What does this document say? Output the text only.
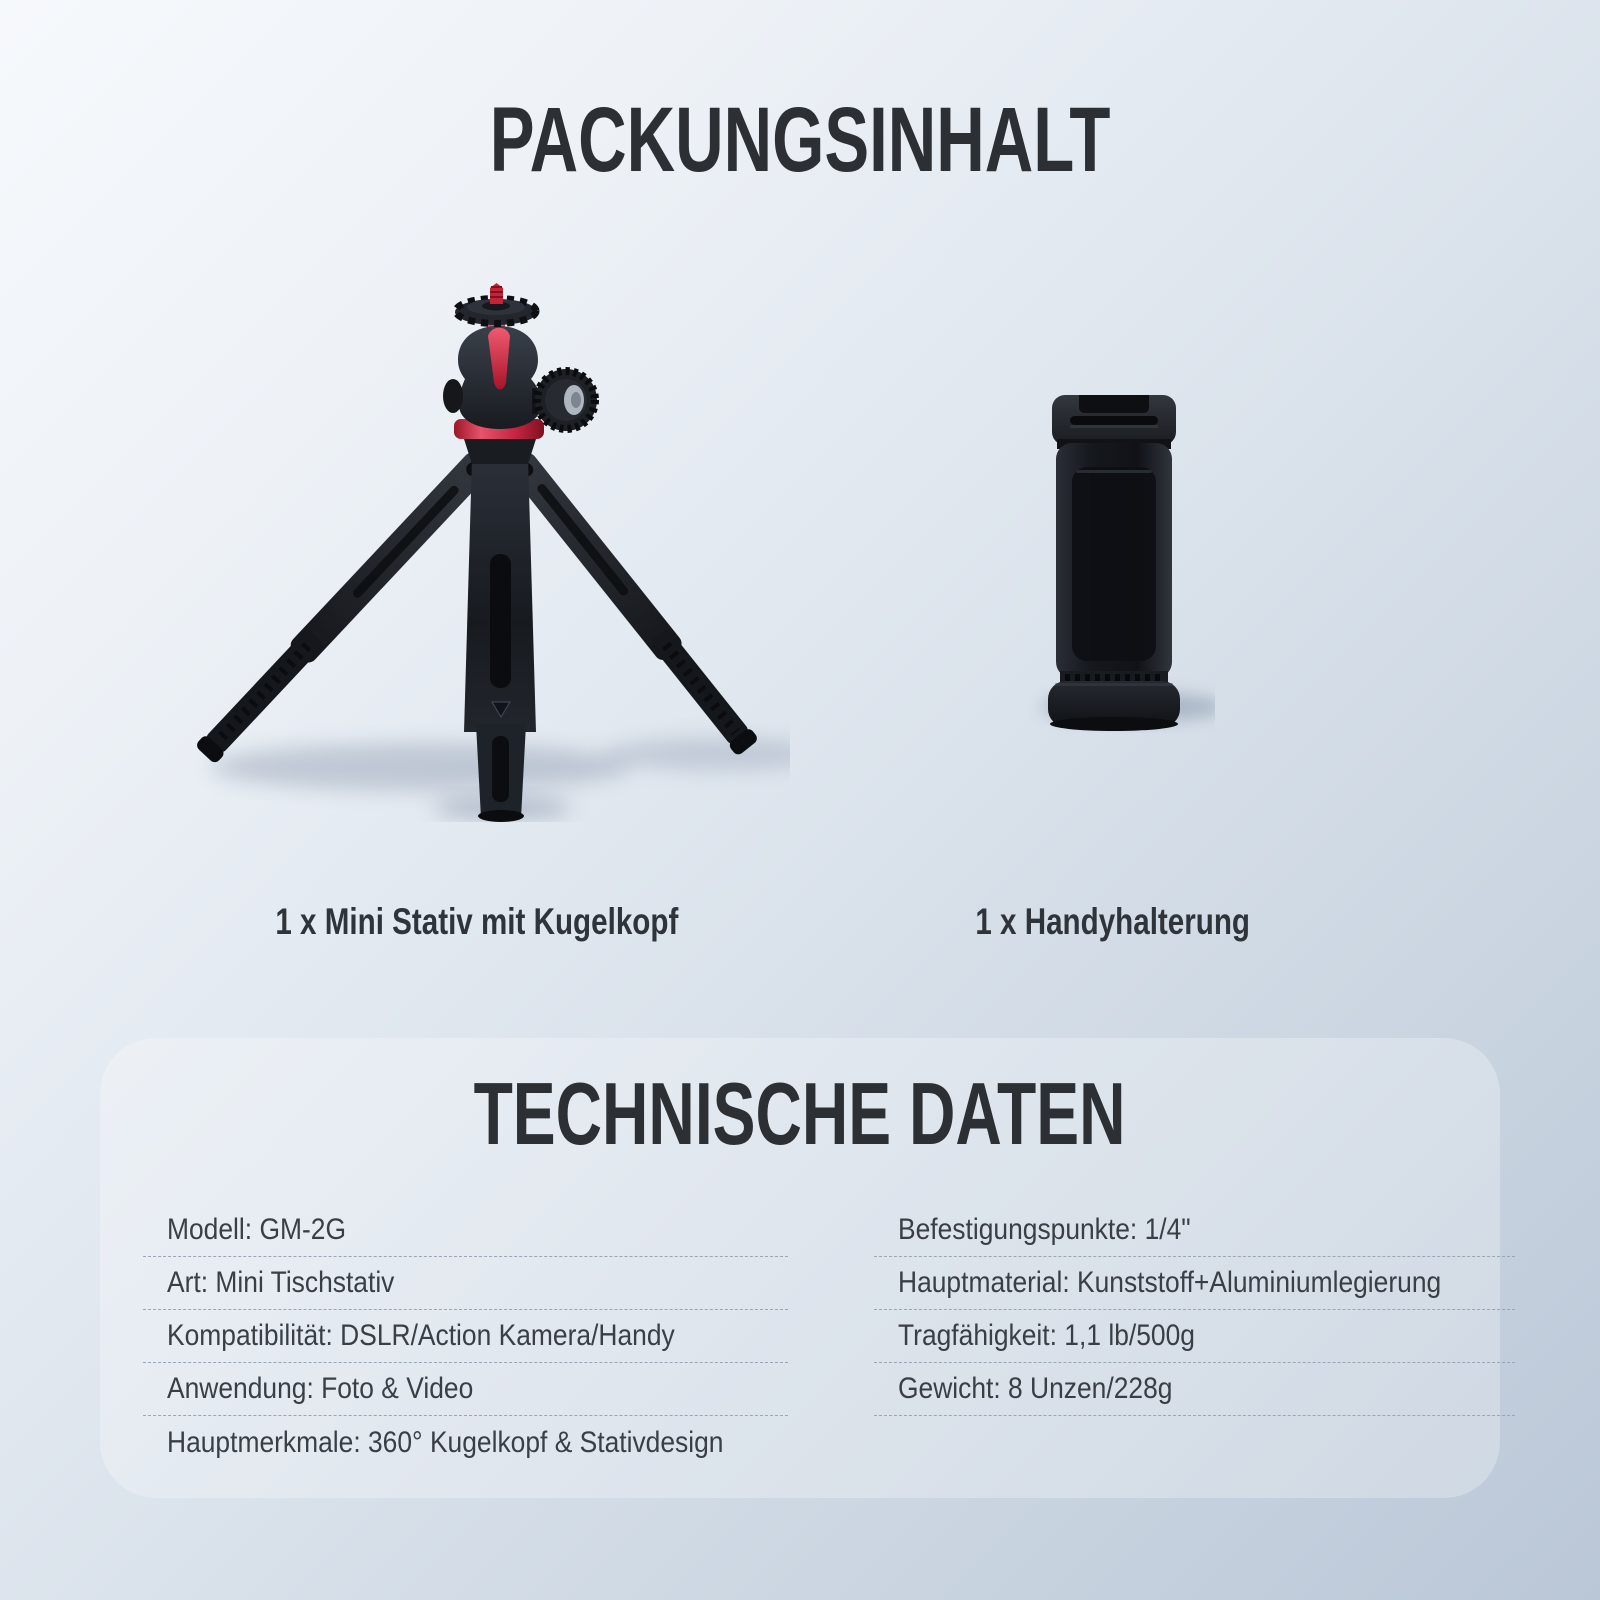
PACKUNGSINHALT

1 x Mini Stativ mit Kugelkopf	1 x Handyhalterung

TECHNISCHE DATEN
Modell: GM-2G
Art: Mini Tischstativ
Kompatibilität: DSLR/Action Kamera/Handy
Anwendung: Foto & Video
Hauptmerkmale: 360° Kugelkopf & Stativdesign
Befestigungspunkte: 1/4"
Hauptmaterial: Kunststoff+Aluminiumlegierung
Tragfähigkeit: 1,1 lb/500g
Gewicht: 8 Unzen/228g
